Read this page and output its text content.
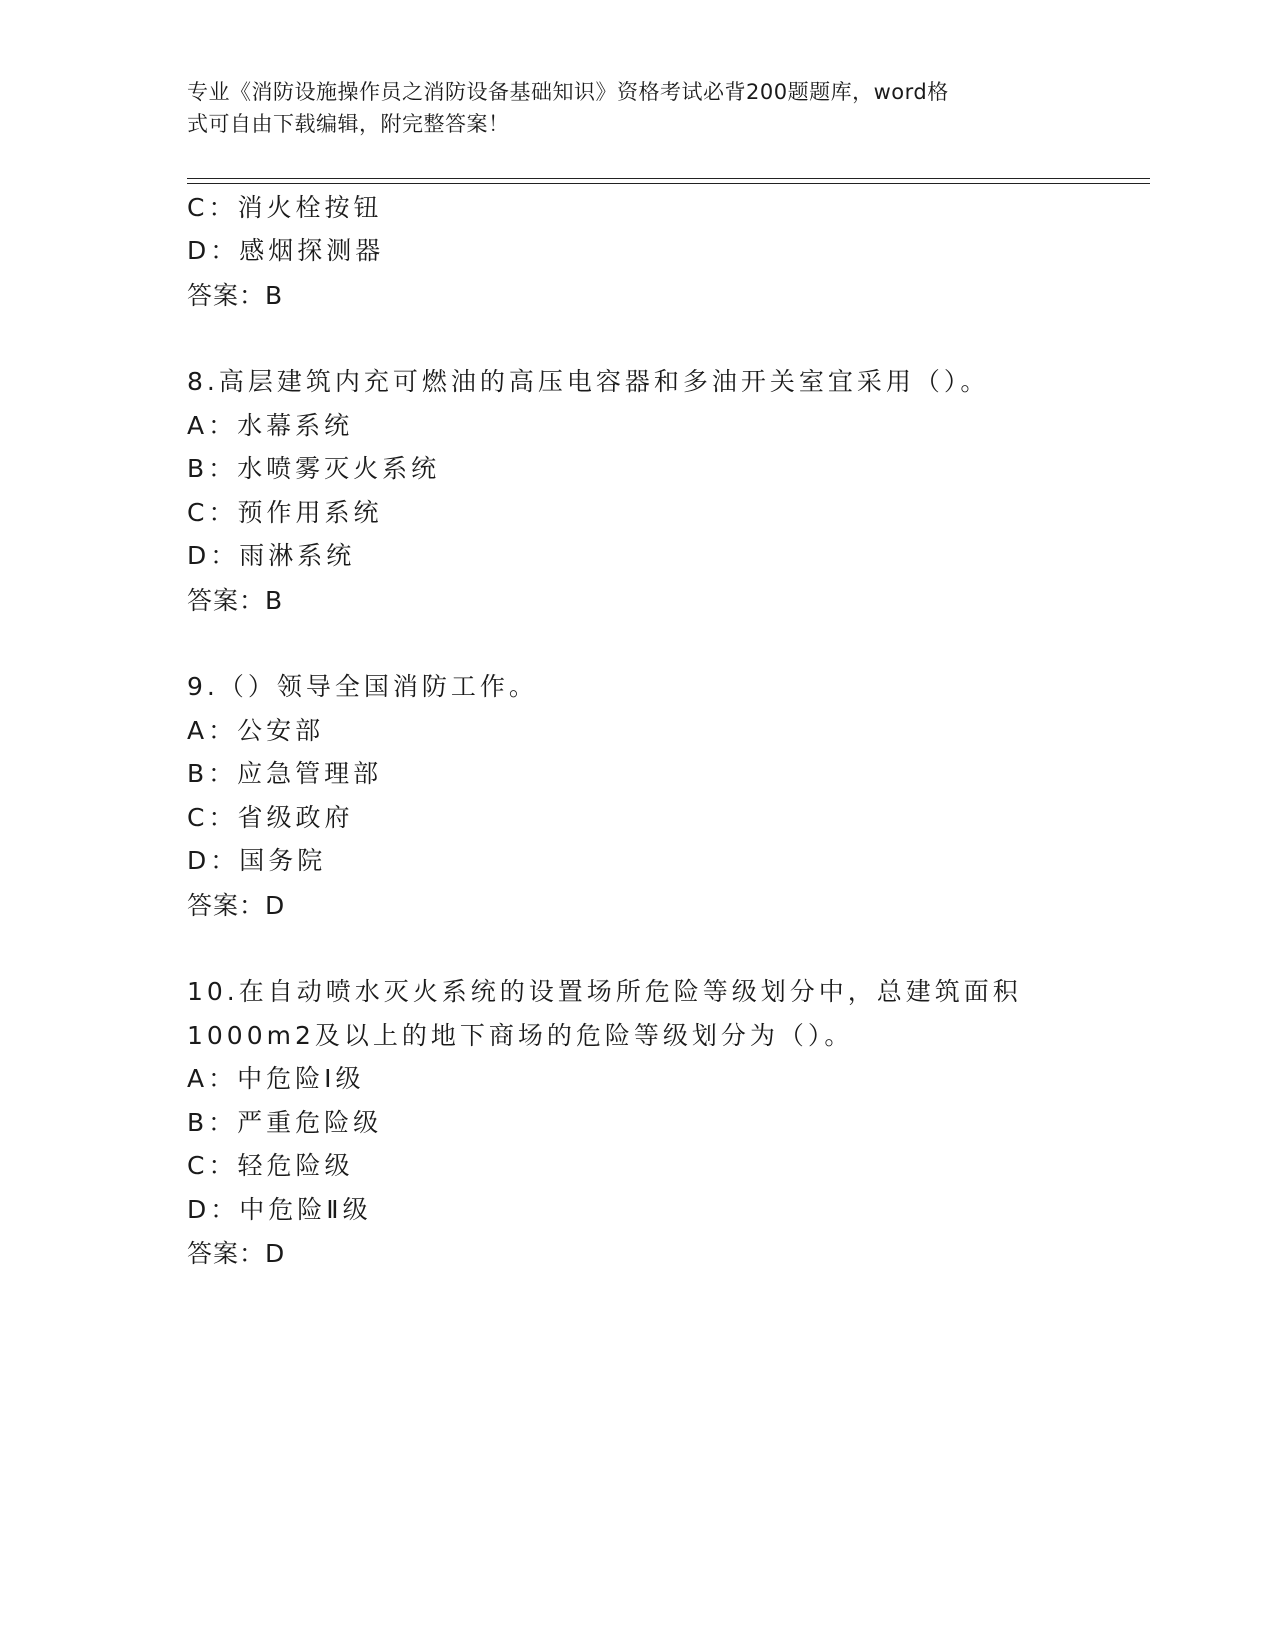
专业《消防设施操作员之消防设备基础知识》资格考试必背200题题库，word格
式可自由下载编辑，附完整答案！
C：消火栓按钮
D：感烟探测器
答案：B
8.高层建筑内充可燃油的高压电容器和多油开关室宜采用（）。
A：水幕系统
B：水喷雾灭火系统
C：预作用系统
D：雨淋系统
答案：B
9.（）领导全国消防工作。
A：公安部
B：应急管理部
C：省级政府
D：国务院
答案：D
10.在自动喷水灭火系统的设置场所危险等级划分中，总建筑面积
1000m2及以上的地下商场的危险等级划分为（）。
A：中危险Ⅰ级
B：严重危险级
C：轻危险级
D：中危险Ⅱ级
答案：D
